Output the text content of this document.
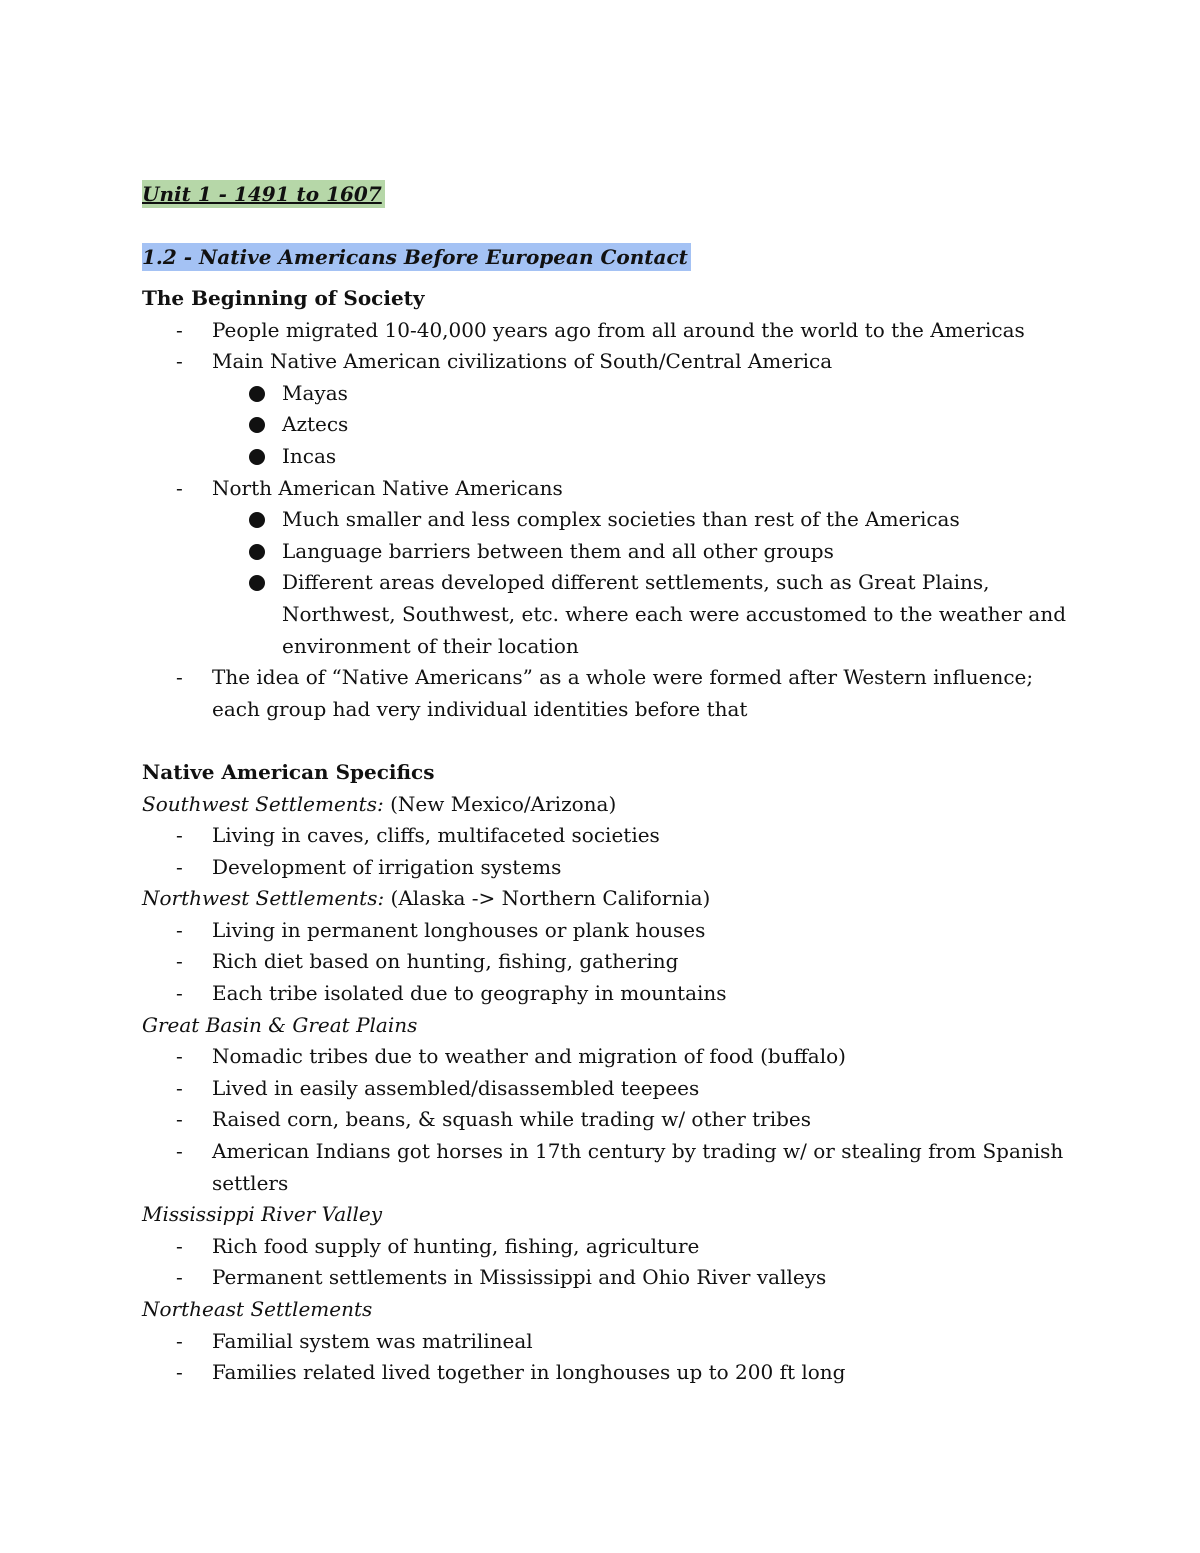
Unit 1 - 1491 to 1607
1.2 - Native Americans Before European Contact
The Beginning of Society
- People migrated 10-40,000 years ago from all around the world to the Americas
- Main Native American civilizations of South/Central America
Mayas
Aztecs
Incas
- North American Native Americans
Much smaller and less complex societies than rest of the Americas
Language barriers between them and all other groups
Different areas developed different settlements, such as Great Plains, Northwest, Southwest, etc. where each were accustomed to the weather and environment of their location
- The idea of “Native Americans” as a whole were formed after Western influence; each group had very individual identities before that
Native American Specifics
Southwest Settlements: (New Mexico/Arizona)
- Living in caves, cliffs, multifaceted societies
- Development of irrigation systems
Northwest Settlements: (Alaska -> Northern California)
- Living in permanent longhouses or plank houses
- Rich diet based on hunting, fishing, gathering
- Each tribe isolated due to geography in mountains
Great Basin & Great Plains
- Nomadic tribes due to weather and migration of food (buffalo)
- Lived in easily assembled/disassembled teepees
- Raised corn, beans, & squash while trading w/ other tribes
- American Indians got horses in 17th century by trading w/ or stealing from Spanish settlers
Mississippi River Valley
- Rich food supply of hunting, fishing, agriculture
- Permanent settlements in Mississippi and Ohio River valleys
Northeast Settlements
- Familial system was matrilineal
- Families related lived together in longhouses up to 200 ft long
